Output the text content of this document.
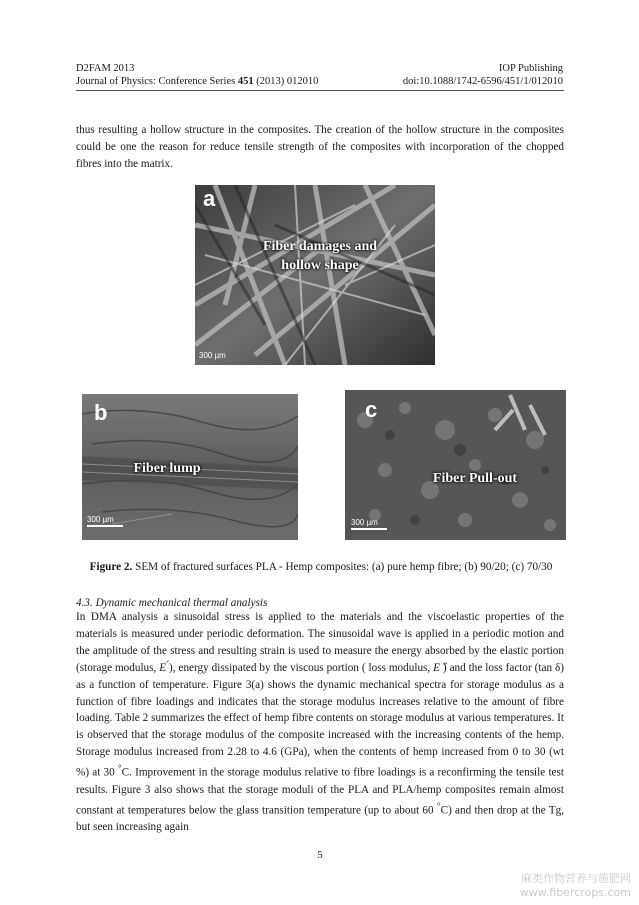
D2FAM 2013
Journal of Physics: Conference Series 451 (2013) 012010
IOP Publishing
doi:10.1088/1742-6596/451/1/012010
thus resulting a hollow structure in the composites. The creation of the hollow structure in the composites could be one the reason for reduce tensile strength of the composites with incorporation of the chopped fibres into the matrix.
a
Fiber damages and
hollow shape
300 µm
b
Fiber lump
300 µm
c
Fiber Pull-out
300 µm
Figure 2. SEM of fractured surfaces PLA - Hemp composites: (a) pure hemp fibre; (b) 90/20; (c) 70/30
4.3. Dynamic mechanical thermal analysis
In DMA analysis a sinusoidal stress is applied to the materials and the viscoelastic properties of the materials is measured under periodic deformation. The sinusoidal wave is applied in a periodic motion and the amplitude of the stress and resulting strain is used to measure the energy absorbed by the elastic portion (storage modulus, E ́), energy dissipated by the viscous portion ( loss modulus, E ̋) and the loss factor (tan δ) as a function of temperature. Figure 3(a) shows the dynamic mechanical spectra for storage modulus as a function of fibre loadings and indicates that the storage modulus increases relative to the amount of fibre loading. Table 2 summarizes the effect of hemp fibre contents on storage modulus at various temperatures. It is observed that the storage modulus of the composite increased with the increasing contents of the hemp. Storage modulus increased from 2.28 to 4.6 (GPa), when the contents of hemp increased from 0 to 30 (wt %) at 30 °C. Improvement in the storage modulus relative to fibre loadings is a reconfirming the tensile test results. Figure 3 also shows that the storage moduli of the PLA and PLA/hemp composites remain almost constant at temperatures below the glass transition temperature (up to about 60 °C) and then drop at the Tg, but seen increasing again
5
麻类作物营养与施肥网
www.fibercrops.com
